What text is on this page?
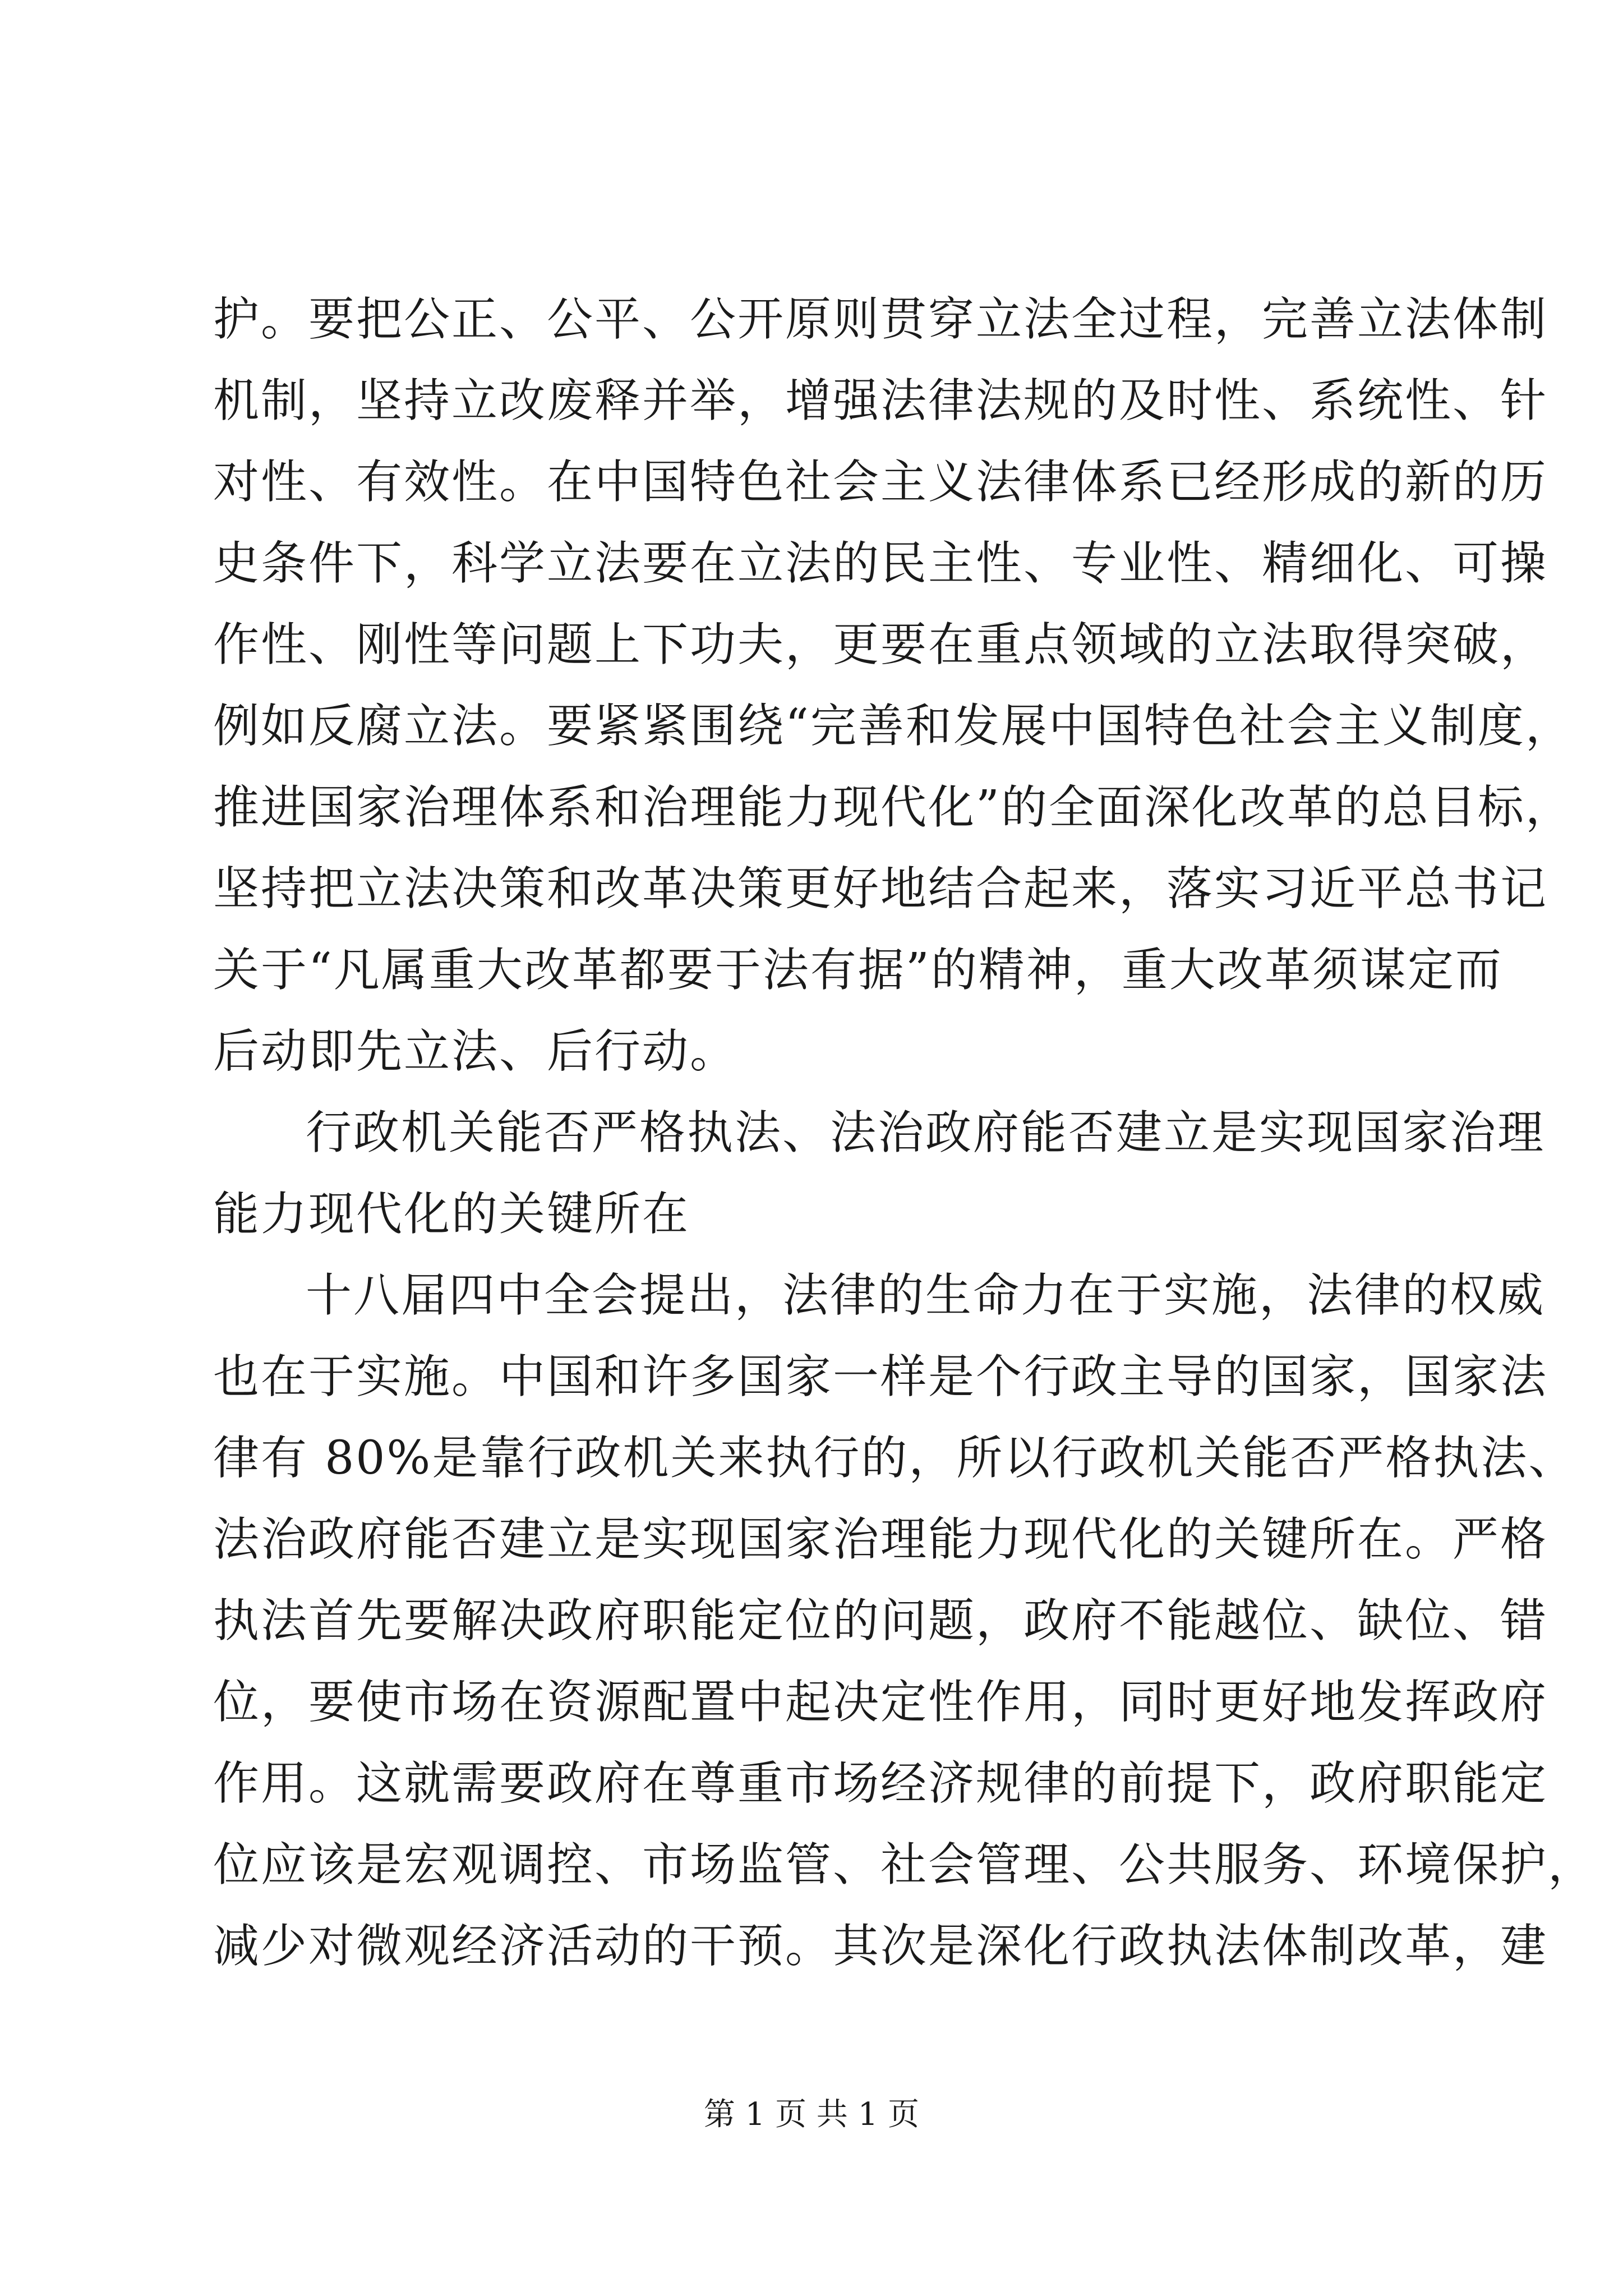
护。要把公正、公平、公开原则贯穿立法全过程，完善立法体制
机制，坚持立改废释并举，增强法律法规的及时性、系统性、针
对性、有效性。在中国特色社会主义法律体系已经形成的新的历
史条件下，科学立法要在立法的民主性、专业性、精细化、可操
作性、刚性等问题上下功夫，更要在重点领域的立法取得突破，
例如反腐立法。要紧紧围绕“完善和发展中国特色社会主义制度，
推进国家治理体系和治理能力现代化”的全面深化改革的总目标，
坚持把立法决策和改革决策更好地结合起来，落实习近平总书记
关于“凡属重大改革都要于法有据”的精神，重大改革须谋定而
后动即先立法、后行动。
行政机关能否严格执法、法治政府能否建立是实现国家治理
能力现代化的关键所在
十八届四中全会提出，法律的生命力在于实施，法律的权威
也在于实施。中国和许多国家一样是个行政主导的国家，国家法
律有 80%是靠行政机关来执行的，所以行政机关能否严格执法、
法治政府能否建立是实现国家治理能力现代化的关键所在。严格
执法首先要解决政府职能定位的问题，政府不能越位、缺位、错
位，要使市场在资源配置中起决定性作用，同时更好地发挥政府
作用。这就需要政府在尊重市场经济规律的前提下，政府职能定
位应该是宏观调控、市场监管、社会管理、公共服务、环境保护，
减少对微观经济活动的干预。其次是深化行政执法体制改革，建
第 1 页 共 1 页
